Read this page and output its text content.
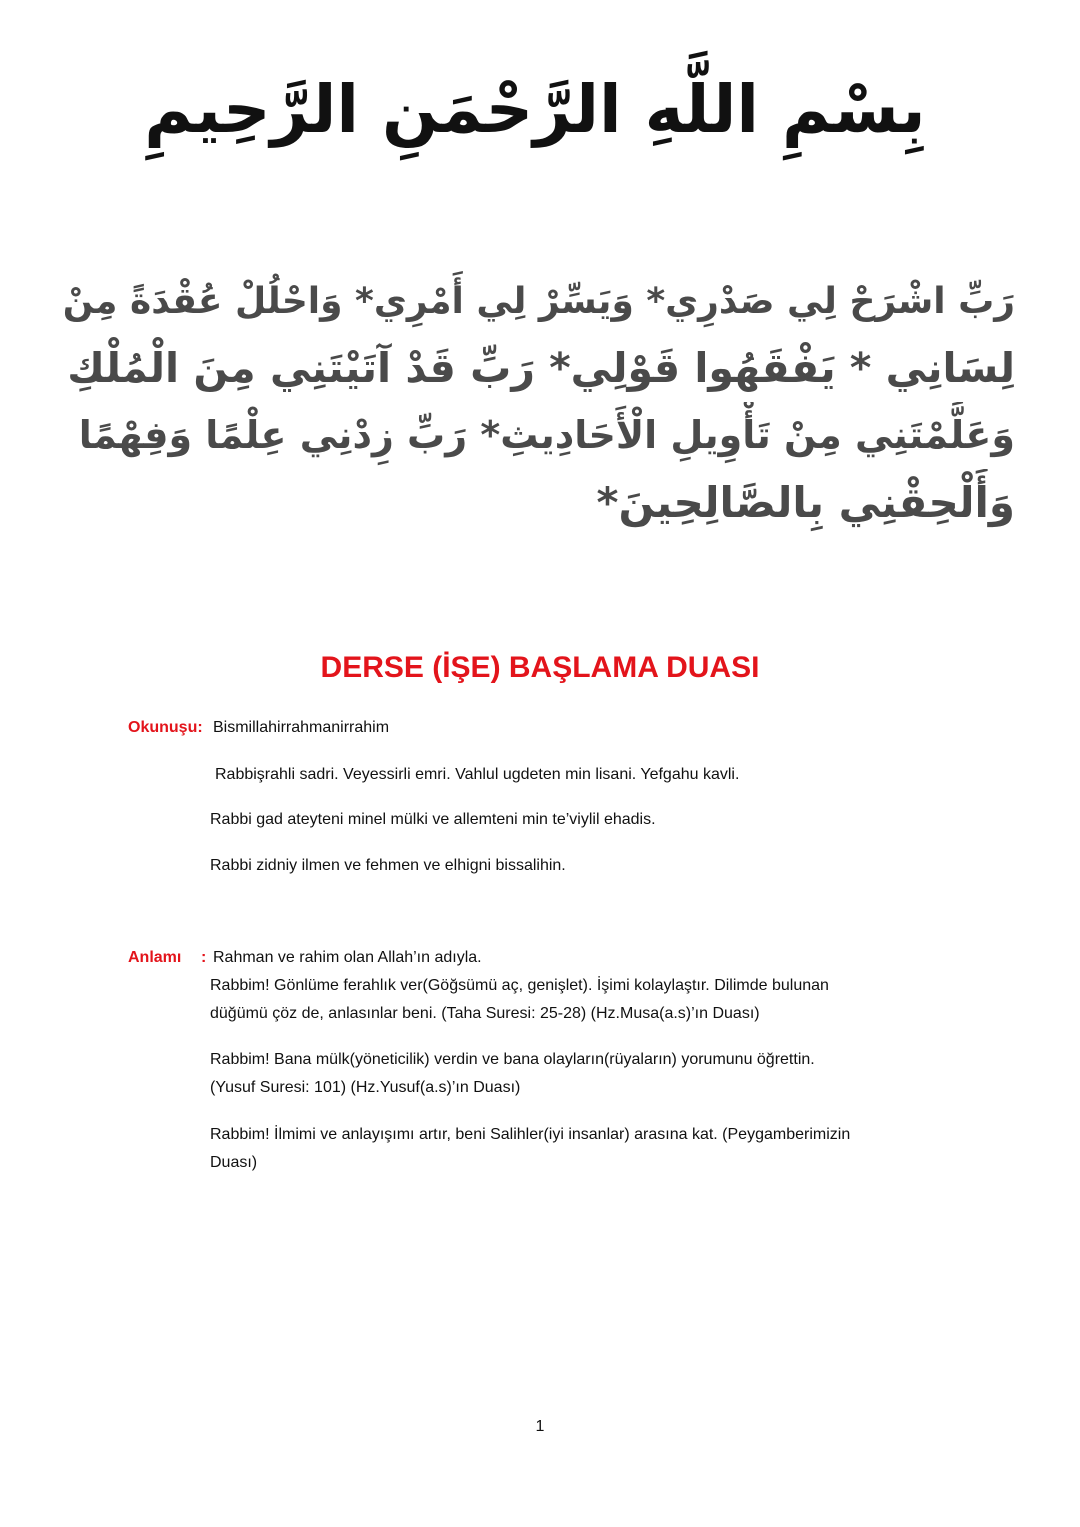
بِسْمِ اللَّهِ الرَّحْمَنِ الرَّحِيمِ
رَبِّ اشْرَحْ لِي صَدْرِي* وَيَسِّرْ لِي أَمْرِي* وَاحْلُلْ عُقْدَةً مِنْ
لِسَانِي * يَفْقَهُوا قَوْلِي* رَبِّ قَدْ آتَيْتَنِي مِنَ الْمُلْكِ
وَعَلَّمْتَنِي مِنْ تَأْوِيلِ الْأَحَادِيثِ* رَبِّ زِدْنِي عِلْمًا وَفِهْمًا
وَأَلْحِقْنِي بِالصَّالِحِينَ*
DERSE (İŞE) BAŞLAMA DUASI
Okunuşu: Bismillahirrahmanirrahim
Rabbişrahli sadri. Veyessirli emri. Vahlul ugdeten min lisani. Yefgahu kavli.
Rabbi gad ateyteni minel mülki ve allemteni min te’viylil ehadis.
Rabbi zidniy ilmen ve fehmen ve elhigni bissalihin.
Anlamı : Rahman ve rahim olan Allah’ın adıyla.
Rabbim! Gönlüme ferahlık ver(Göğsümü aç, genişlet). İşimi kolaylaştır. Dilimde bulunan
düğümü çöz de, anlasınlar beni. (Taha Suresi: 25-28) (Hz.Musa(a.s)’ın Duası)
Rabbim! Bana mülk(yöneticilik) verdin ve bana olayların(rüyaların) yorumunu öğrettin.
(Yusuf Suresi: 101) (Hz.Yusuf(a.s)’ın Duası)
Rabbim! İlmimi ve anlayışımı artır, beni Salihler(iyi insanlar) arasına kat. (Peygamberimizin
Duası)
1
